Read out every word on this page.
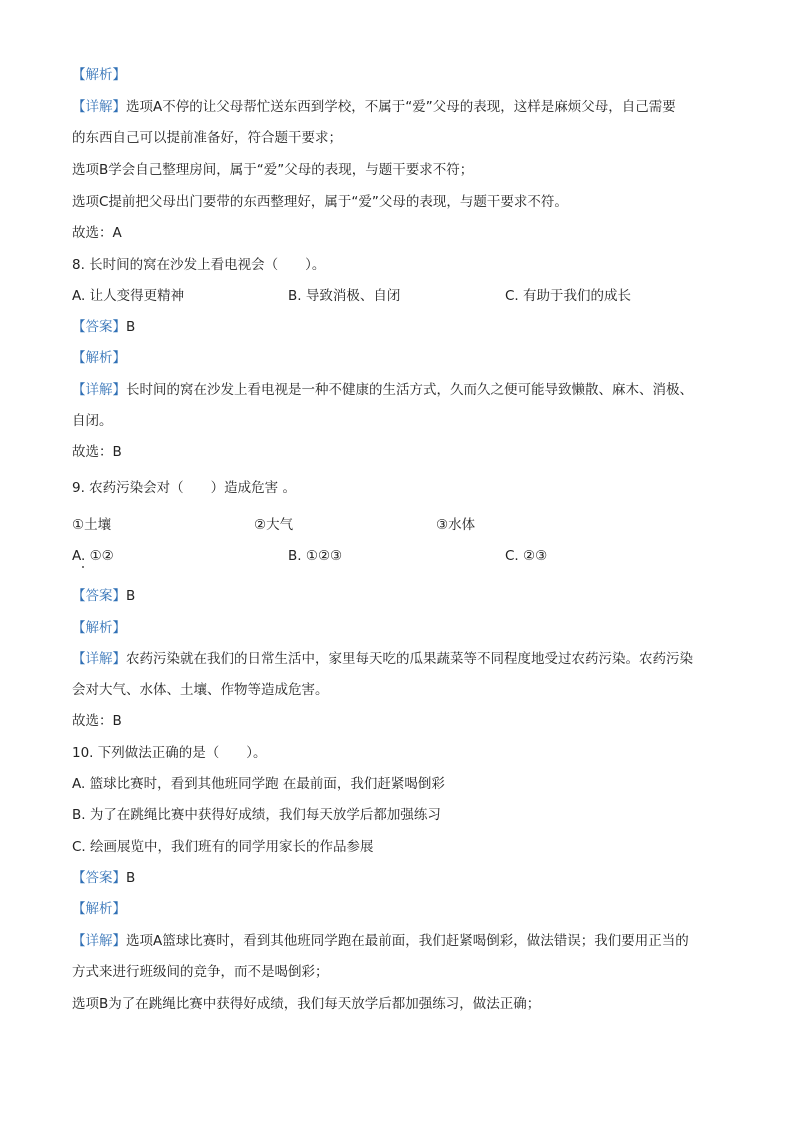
【解析】
【详解】选项A不停的让父母帮忙送东西到学校，不属于“爱”父母的表现，这样是麻烦父母，自己需要
的东西自己可以提前准备好，符合题干要求；
选项B学会自己整理房间，属于“爱”父母的表现，与题干要求不符；
选项C提前把父母出门要带的东西整理好，属于“爱”父母的表现，与题干要求不符。
故选：A
8. 长时间的窝在沙发上看电视会（　　）。
A. 让人变得更精神	B. 导致消极、自闭	C. 有助于我们的成长
【答案】B
【解析】
【详解】长时间的窝在沙发上看电视是一种不健康的生活方式，久而久之便可能导致懒散、麻木、消极、
自闭。
故选：B
9. 农药污染会对（　　）造成危害 。
①土壤	②大气	③水体
A. ①②	B. ①②③	C. ②③
【答案】B
【解析】
【详解】农药污染就在我们的日常生活中，家里每天吃的瓜果蔬菜等不同程度地受过农药污染。农药污染
会对大气、水体、土壤、作物等造成危害。
故选：B
10. 下列做法正确的是（　　）。
A. 篮球比赛时，看到其他班同学跑 在最前面，我们赶紧喝倒彩
B. 为了在跳绳比赛中获得好成绩，我们每天放学后都加强练习
C. 绘画展览中，我们班有的同学用家长的作品参展
【答案】B
【解析】
【详解】选项A篮球比赛时，看到其他班同学跑在最前面，我们赶紧喝倒彩，做法错误；我们要用正当的
方式来进行班级间的竞争，而不是喝倒彩；
选项B为了在跳绳比赛中获得好成绩，我们每天放学后都加强练习，做法正确；
